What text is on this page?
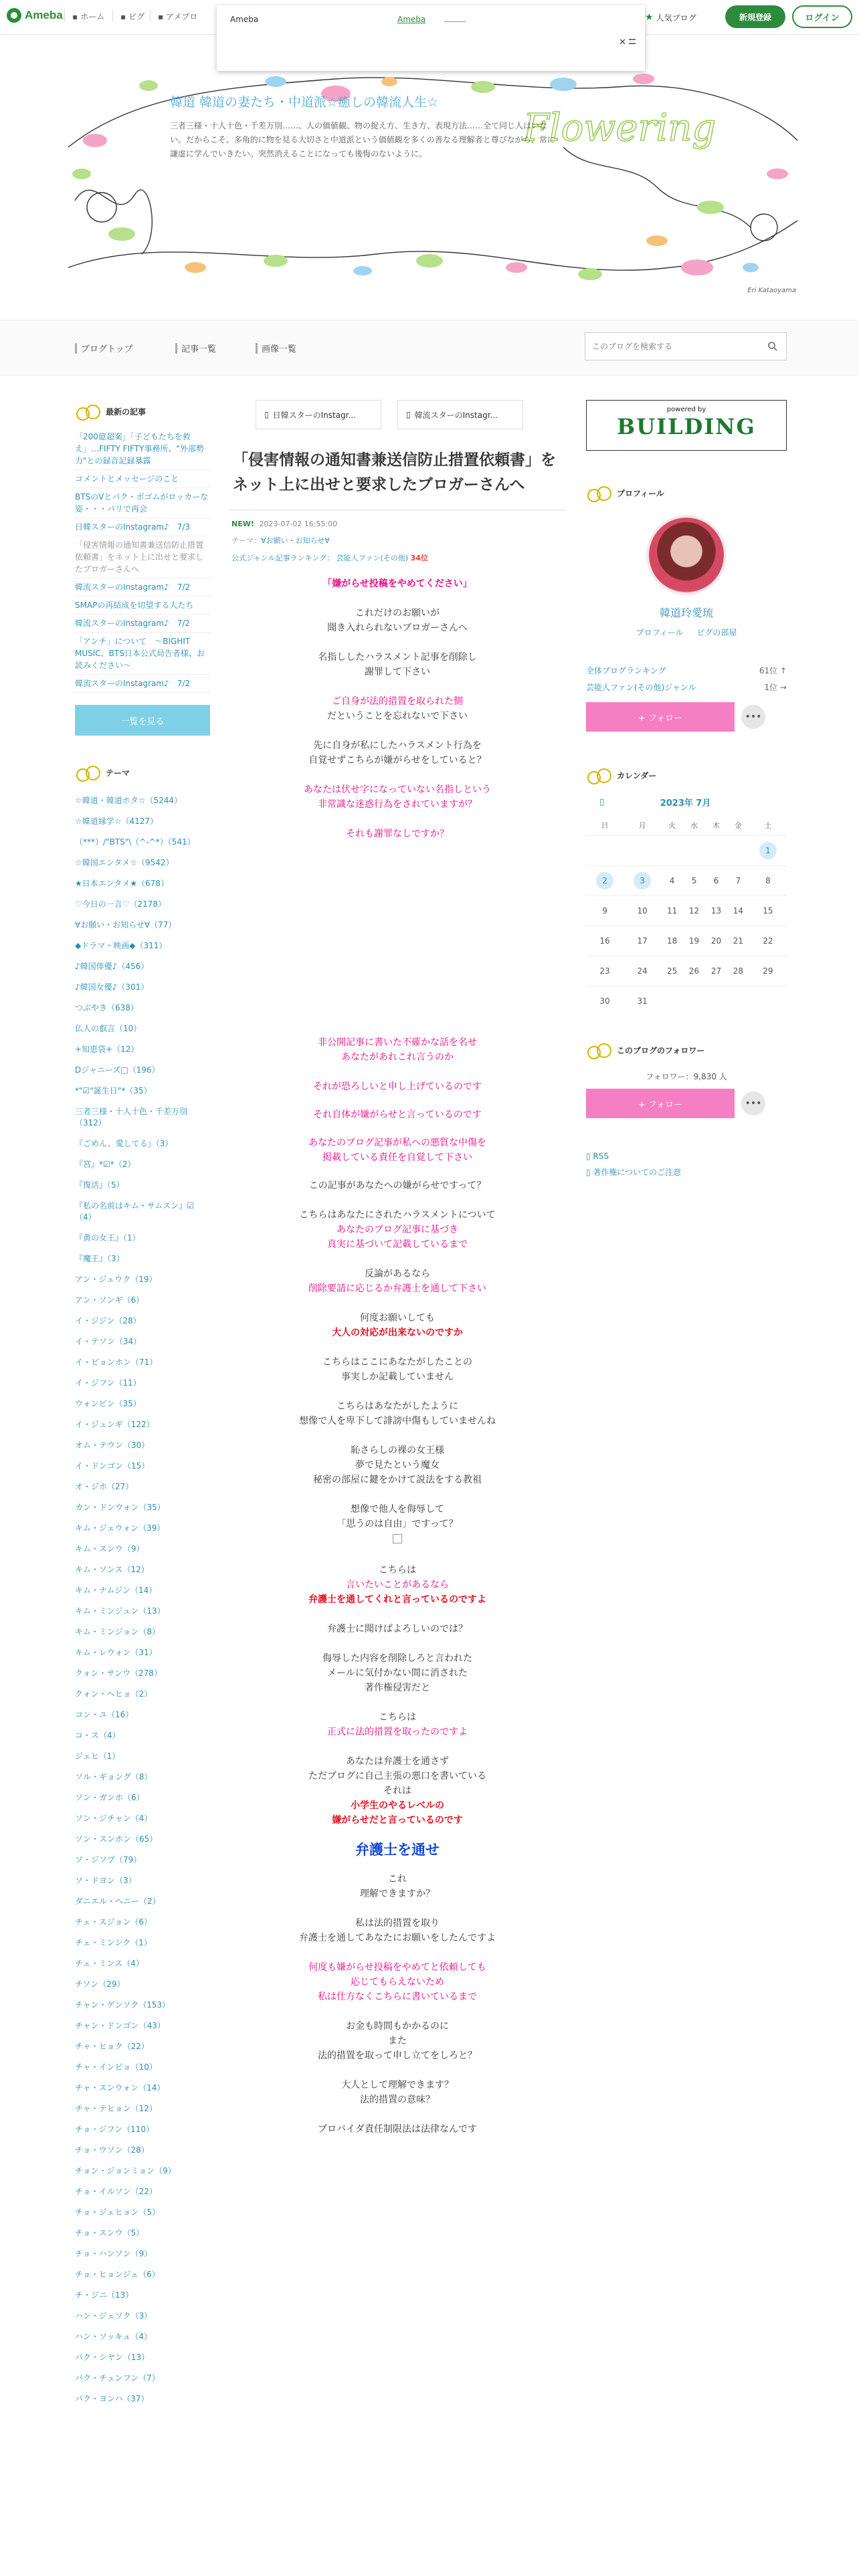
Ameba ▪ ホーム ▪ ピグ ▪ アメブロ	★ 人気ブログ	新規登録	ログイン
Ameba	Ameba
✕
Flowering
韓道 韓道の妻たち・中道派☆癒しの韓流人生☆
三者三様・十人十色・千差万別……、人の価値観、物の捉え方、生き方、表現方法……全て同じ人はいない。だからこそ、多角的に物を見る大切さと中道派という価値観を多くの善なる理解者と尊びながら、常に謙虚に学んでいきたい。突然消えることになっても後悔のないように。
Eri Kataoyama
ブログトップ	記事一覧	画像一覧
このブログを検索する
最新の記事
「200億超案」「子どもたちを救え」…FIFTY FIFTY事務所、"外部勢力"との録音記録暴露
コメントとメッセージのこと
BTSのVとパク・ボゴムがロッカーな姿・・・パリで再会
日韓スターのInstagram♪　7/3
「侵害情報の通知書兼送信防止措置依頼書」をネット上に出せと要求したブロガーさんへ
韓流スターのInstagram♪　7/2
SMAPの再結成を切望する人たち
韓流スターのInstagram♪　7/2
「アンチ」について　〜BIGHIT MUSIC、BTS日本公式局告者様、お読みください〜
韓流スターのInstagram♪　7/2
一覧を見る
テーマ
☆韓道・韓道ホタ☆（5244）
☆韓道縁学☆（4127）
（***）/"BTS"\（^-^*）（541）
☆韓国エンタメ☆（9542）
★日本エンタメ★（678）
♡今日の一言♡（2178）
∀お願い・お知らせ∀（77）
◆ドラマ・映画◆（311）
♪韓国俳優♪（456）
♪韓国女優♪（301）
つぶやき（638）
仏人の叡言（10）
+知恵袋+（12）
Dジャニーズ□（196）
*"☑"誕生日"*（35）
三者三様・十人十色・千差万別（312）
『ごめん、愛してる』（3）
『宮』*☑*（2）
『復活』（5）
『私の名前はキム・サムスン』☑（4）
『黄の女王』（1）
『魔王』（3）
アン・ジェウク（19）
アン・ソンギ（6）
イ・ジジン（28）
イ・テソン（34）
イ・ビョンホン（71）
イ・ジフン（11）
ウォンビン（35）
イ・ジュンギ（122）
オム・テウン（30）
イ・ドンゴン（15）
オ・ジホ（27）
カン・ドンウォン（35）
キム・ジェウォン（39）
キム・スンウ（9）
キム・ソンス（12）
キム・ナムジン（14）
キム・ミンジュン（13）
キム・ミンジョン（8）
キム・レウォン（31）
クォン・サンウ（278）
クォン・ヘヒョ（2）
コン・ユ（16）
コ・ス（4）
ジェヒ（1）
ソル・ギョング（8）
ソン・ガンホ（6）
ソン・ジチャン（4）
ソン・スンホン（65）
ソ・ジソプ（79）
ソ・ドヨン（3）
ダニエル・ヘニー（2）
チェ・スジョン（6）
チェ・ミンシク（1）
チェ・ミンス（4）
チソン（29）
チャン・ゲンソク（153）
チャン・ドンゴン（43）
チャ・ヒョク（22）
チャ・インピョ（10）
チャ・スンウォン（14）
チャ・テヒョン（12）
チョ・ジフン（110）
チョ・ウソン（28）
チョン・ジョンミョン（9）
チョ・イルソン（22）
チョ・ジェヒョン（5）
チョ・スンウ（5）
チョ・ハンソン（9）
チョ・ヒョンジェ（6）
チ・ジニ（13）
ハン・ジェソク（3）
ハン・ソッキュ（4）
パク・シヤン（13）
パク・チュンフン（7）
パク・ヨンハ（37）
▯ 日韓スターのInstagr...	▯ 韓流スターのInstagr...
「侵害情報の通知書兼送信防止措置依頼書」をネット上に出せと要求したブロガーさんへ
NEW! 2023-07-02 16:55:00
テーマ：∀お願い・お知らせ∀
公式ジャンル記事ランキング： 芸能人ファン(その他) 34位
「嫌がらせ投稿をやめてください」
これだけのお願いが
聞き入れられないブロガーさんへ
名指ししたハラスメント記事を削除し
謝罪して下さい
ご自身が法的措置を取られた側
だということを忘れないで下さい
先に自身が私にしたハラスメント行為を
自覚せずこちらが嫌がらせをしていると？
あなたは伏せ字になっていない名指しという
非常識な迷惑行為をされていますが？
それも謝罪なしですか？
非公開記事に書いた不確かな話を名せ
あなたがあれこれ言うのか
それが恐ろしいと申し上げているのです
それ自体が嫌がらせと言っているのです
あなたのブログ記事が私への悪質な中傷を
掲載している責任を自覚して下さい
この記事があなたへの嫌がらせですって？
こちらはあなたにされたハラスメントについて
あなたのブログ記事に基づき
真実に基づいて記載しているまで
反論があるなら
削除要請に応じるか弁護士を通して下さい
何度お願いしても
大人の対応が出来ないのですか
こちらはここにあなたがしたことの
事実しか記載していません
こちらはあなたがしたように
想像で人を卑下して誹謗中傷もしていませんね
恥さらしの裸の女王様
夢で見たという魔女
秘密の部屋に鍵をかけて説法をする教祖
想像で他人を侮辱して
「思うのは自由」ですって？
こちらは
言いたいことがあるなら
弁護士を通してくれと言っているのですよ
弁護士に聞けばよろしいのでは？
侮辱した内容を削除しろと言われた
メールに気付かない間に消された
著作権侵害だと
こちらは
正式に法的措置を取ったのですよ
あなたは弁護士を通さず
ただブログに自己主張の悪口を書いている
それは
小学生のやるレベルの
嫌がらせだと言っているのです
弁護士を通せ
これ
理解できますか？
私は法的措置を取り
弁護士を通してあなたにお願いをしたんですよ
何度も嫌がらせ投稿をやめてと依頼しても
応じてもらえないため
私は仕方なくこちらに書いているまで
お金も時間もかかるのに
また
法的措置を取って申し立てをしろと？
大人として理解できます？
法的措置の意味？
プロバイダ責任制限法は法律なんです
powered by
BUILDING
プロフィール
韓道玲愛琉
プロフィール ピグの部屋
全体ブログランキング	61位 ↑
芸能人ファン(その他)ジャンル	1位 →
+ フォロー	•••
カレンダー
▯	2023年 7月
日	月	火	水	木	金	土
						1
2	3	4	5	6	7	8
9	10	11	12	13	14	15
16	17	18	19	20	21	22
23	24	25	26	27	28	29
30	31					
このブログのフォロワー
フォロワー：9,830 人
+ フォロー	•••
▯ RSS
▯ 著作権についてのご注意
